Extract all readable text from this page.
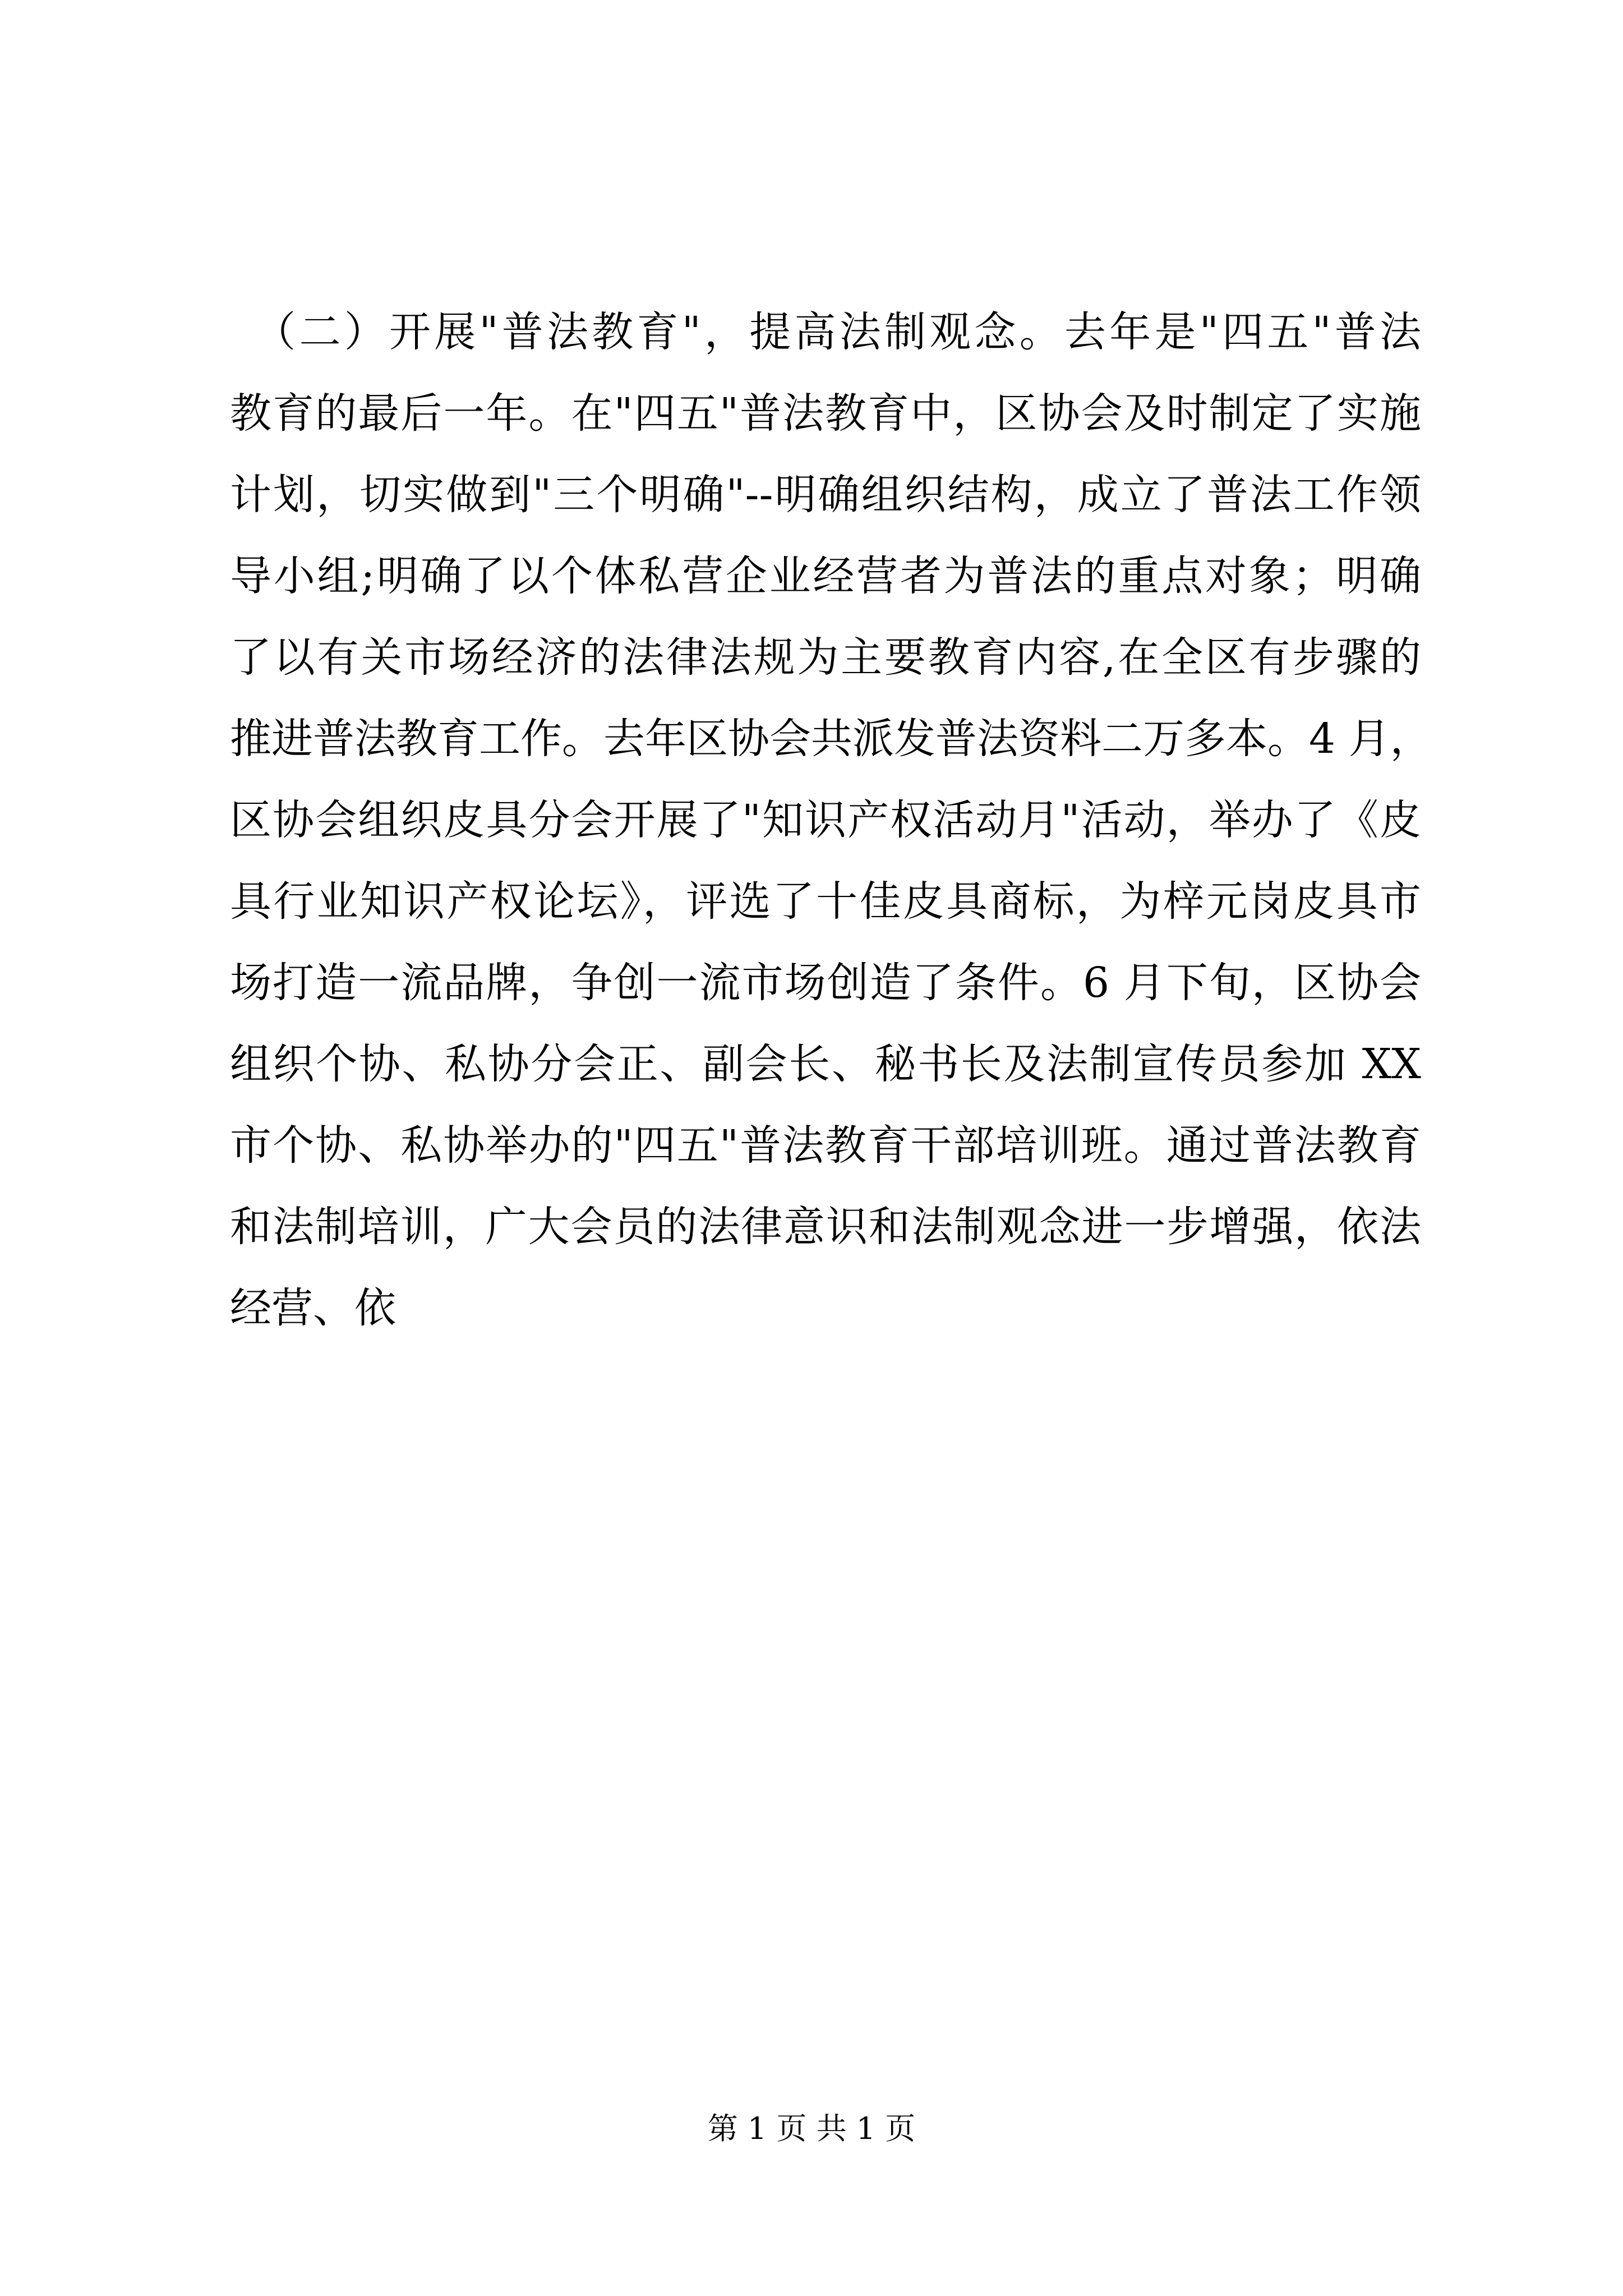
　（二）开展"普法教育"，提高法制观念。去年是"四五"普法
教育的最后一年。在"四五"普法教育中，区协会及时制定了实施
计划，切实做到"三个明确"--明确组织结构，成立了普法工作领
导小组;明确了以个体私营企业经营者为普法的重点对象；明确
了以有关市场经济的法律法规为主要教育内容,在全区有步骤的
推进普法教育工作。去年区协会共派发普法资料二万多本。4 月，
区协会组织皮具分会开展了"知识产权活动月"活动，举办了《皮
具行业知识产权论坛》，评选了十佳皮具商标，为梓元岗皮具市
场打造一流品牌，争创一流市场创造了条件。6 月下旬，区协会
组织个协、私协分会正、副会长、秘书长及法制宣传员参加 XX
市个协、私协举办的"四五"普法教育干部培训班。通过普法教育
和法制培训，广大会员的法律意识和法制观念进一步增强，依法
经营、依
第 1 页 共 1 页
